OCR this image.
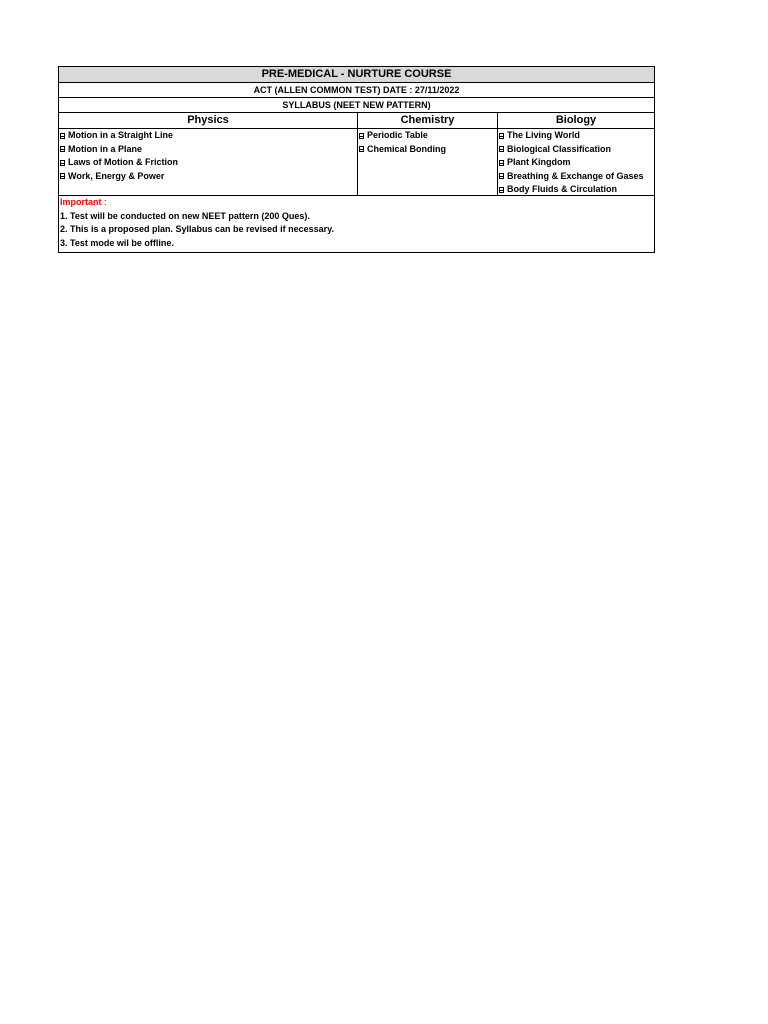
PRE-MEDICAL - NURTURE COURSE
ACT (ALLEN COMMON TEST) DATE : 27/11/2022
SYLLABUS (NEET NEW PATTERN)
Physics	Chemistry	Biology
Motion in a Straight Line
Motion in a Plane
Laws of Motion & Friction
Work, Energy & Power
Periodic Table
Chemical Bonding
The Living World
Biological Classification
Plant Kingdom
Breathing & Exchange of Gases
Body Fluids & Circulation
Important :
1. Test will be conducted on new NEET pattern (200 Ques).
2. This is a proposed plan. Syllabus can be revised if necessary.
3. Test mode wil be offline.
